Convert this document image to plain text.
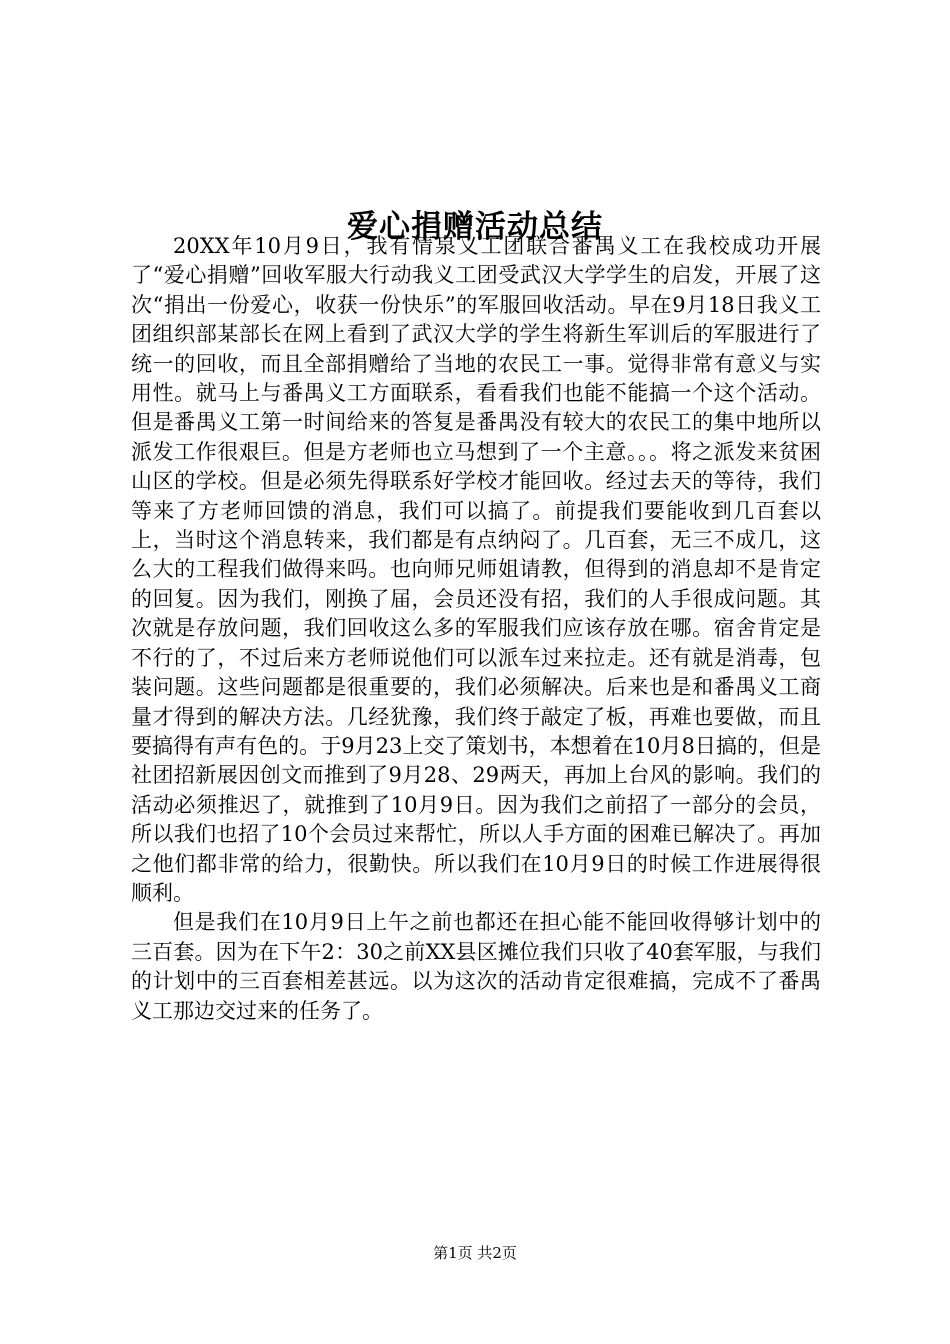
爱心捐赠活动总结

20XX年10月9日，我有情泉义工团联合番禺义工在我校成功开展了“爱心捐赠”回收军服大行动我义工团受武汉大学学生的启发，开展了这次“捐出一份爱心，收获一份快乐”的军服回收活动。早在9月18日我义工团组织部某部长在网上看到了武汉大学的学生将新生军训后的军服进行了统一的回收，而且全部捐赠给了当地的农民工一事。觉得非常有意义与实用性。就马上与番禺义工方面联系，看看我们也能不能搞一个这个活动。但是番禺义工第一时间给来的答复是番禺没有较大的农民工的集中地所以派发工作很艰巨。但是方老师也立马想到了一个主意。。。将之派发来贫困山区的学校。但是必须先得联系好学校才能回收。经过去天的等待，我们等来了方老师回馈的消息，我们可以搞了。前提我们要能收到几百套以上，当时这个消息转来，我们都是有点纳闷了。几百套，无三不成几，这么大的工程我们做得来吗。也向师兄师姐请教，但得到的消息却不是肯定的回复。因为我们，刚换了届，会员还没有招，我们的人手很成问题。其次就是存放问题，我们回收这么多的军服我们应该存放在哪。宿舍肯定是不行的了，不过后来方老师说他们可以派车过来拉走。还有就是消毒，包装问题。这些问题都是很重要的，我们必须解决。后来也是和番禺义工商量才得到的解决方法。几经犹豫，我们终于敲定了板，再难也要做，而且要搞得有声有色的。于9月23上交了策划书，本想着在10月8日搞的，但是社团招新展因创文而推到了9月28、29两天，再加上台风的影响。我们的活动必须推迟了，就推到了10月9日。因为我们之前招了一部分的会员，所以我们也招了10个会员过来帮忙，所以人手方面的困难已解决了。再加之他们都非常的给力，很勤快。所以我们在10月9日的时候工作进展得很顺利。

但是我们在10月9日上午之前也都还在担心能不能回收得够计划中的三百套。因为在下午2：30之前XX县区摊位我们只收了40套军服，与我们的计划中的三百套相差甚远。以为这次的活动肯定很难搞，完成不了番禺义工那边交过来的任务了。

第1页 共2页
